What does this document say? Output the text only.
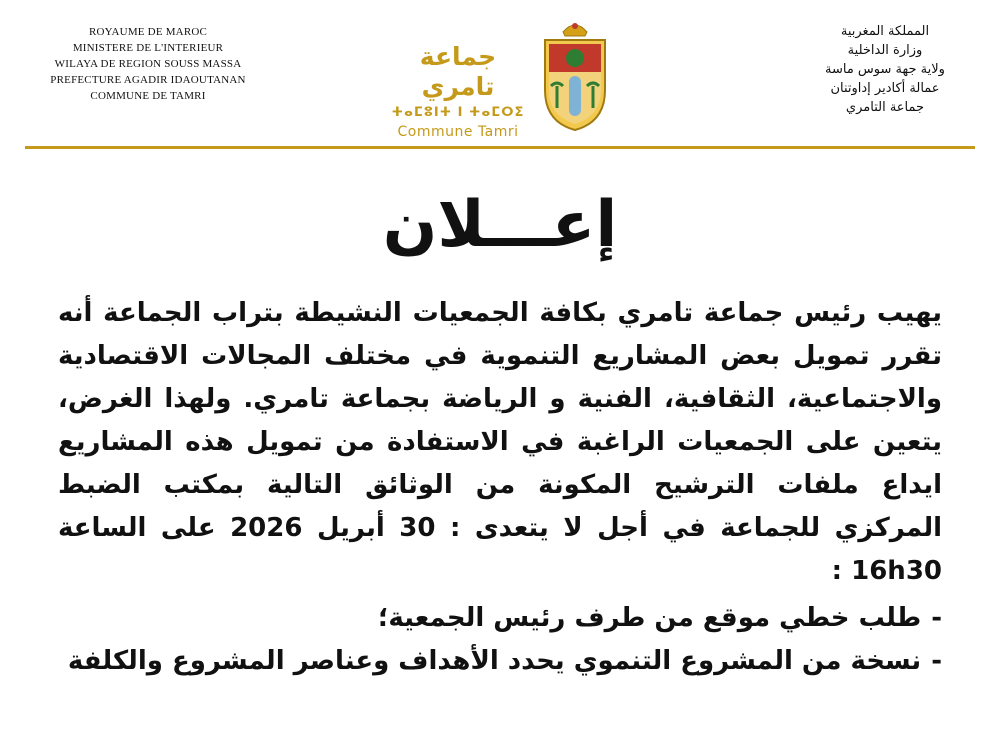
ROYAUME DE MAROC
MINISTERE DE L'INTERIEUR
WILAYA DE REGION SOUSS MASSA
PREFECTURE AGADIR IDAOUTANAN
COMMUNE DE TAMRI
جماعة تامري
ⵜⴰⵎⵓⵏⵜ ⵏ ⵜⴰⵎⵔⵉ
Commune Tamri
المملكة المغربية
وزارة الداخلية
ولاية جهة سوس ماسة
عمالة أكادير إداوتنان
جماعة التامري
إعـــلان

يهيب رئيس جماعة تامري بكافة الجمعيات النشيطة بتراب الجماعة أنه تقرر تمويل بعض المشاريع التنموية في مختلف المجالات الاقتصادية والاجتماعية، الثقافية، الفنية و الرياضة بجماعة تامري. ولهذا الغرض، يتعين على الجمعيات الراغبة في الاستفادة من تمويل هذه المشاريع ايداع ملفات الترشيح المكونة من الوثائق التالية بمكتب الضبط المركزي للجماعة في أجل لا يتعدى : 30 أبريل 2026 على الساعة 16h30 :

-طلب خطي موقع من طرف رئيس الجمعية؛
-نسخة من المشروع التنموي يحدد الأهداف وعناصر المشروع والكلفة
